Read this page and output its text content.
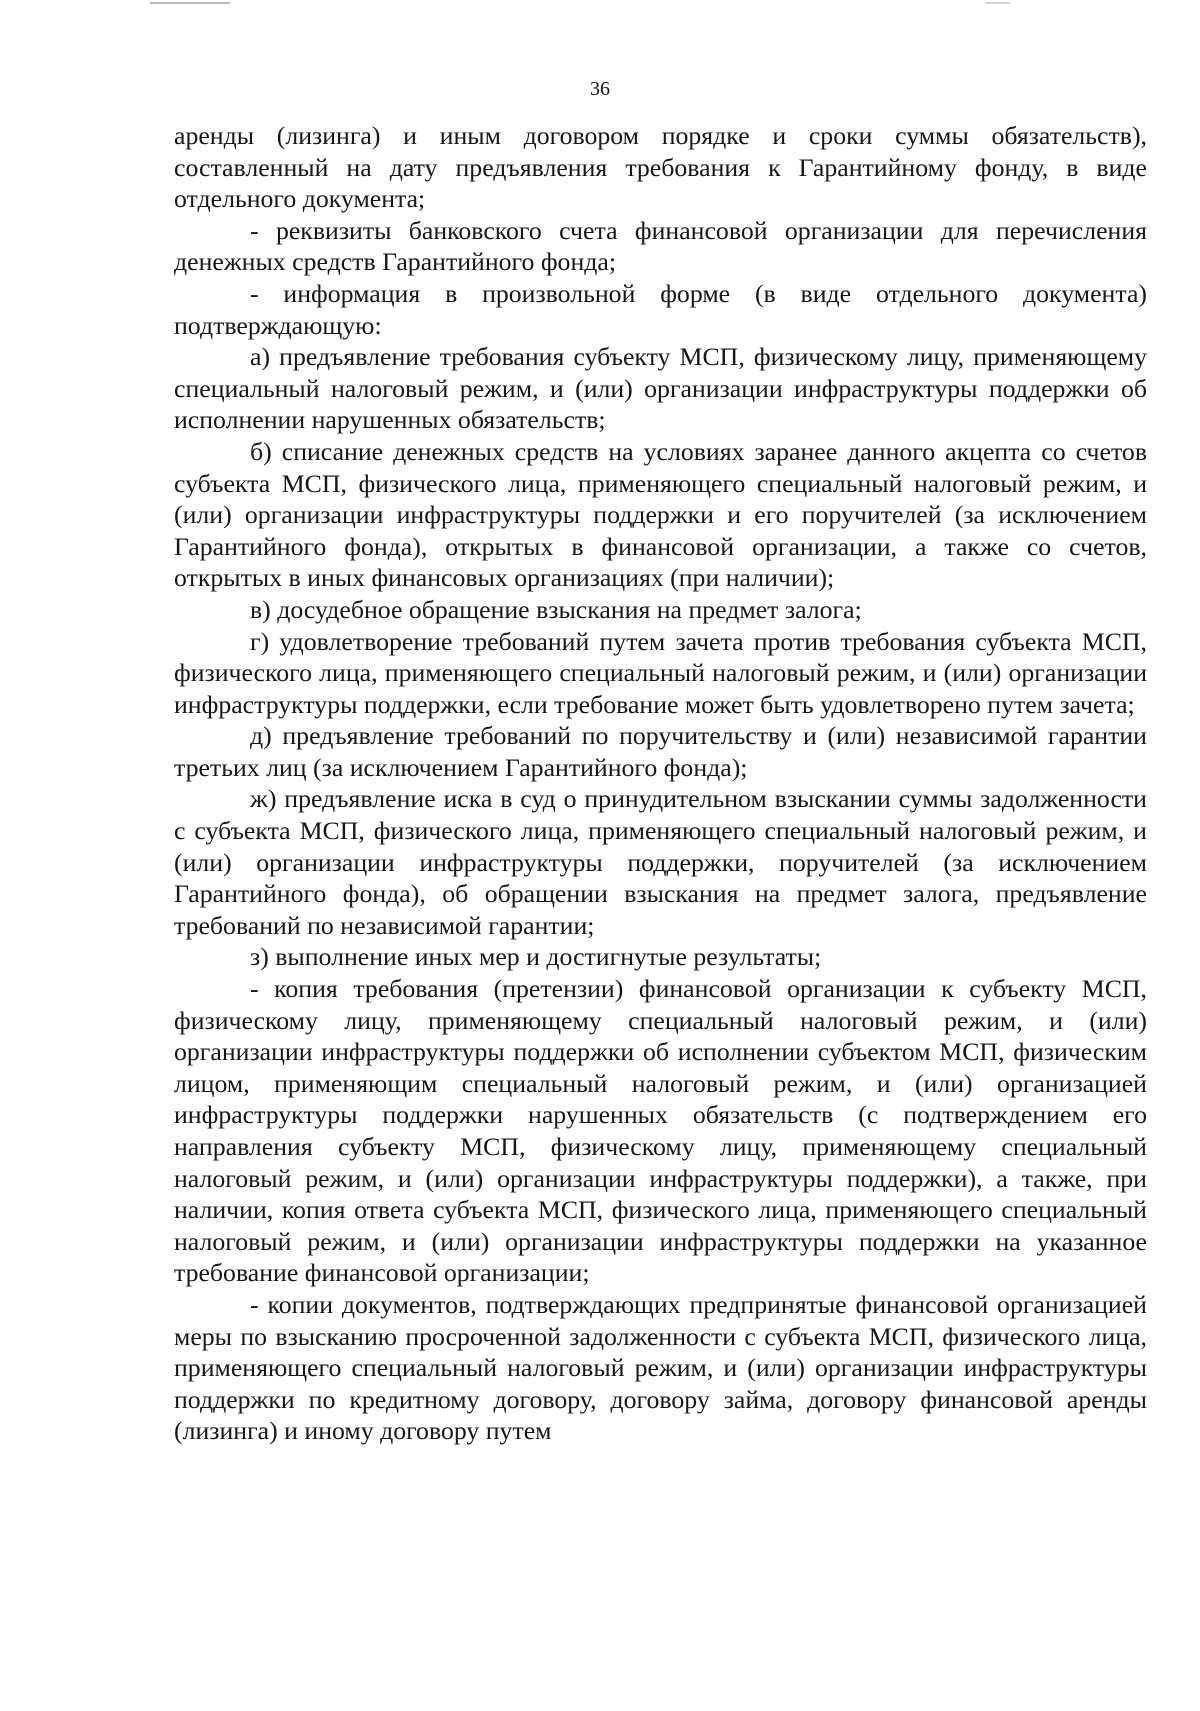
36

аренды (лизинга) и иным договором порядке и сроки суммы обязательств), составленный на дату предъявления требования к Гарантийному фонду, в виде отдельного документа;

- реквизиты банковского счета финансовой организации для перечисления денежных средств Гарантийного фонда;

- информация в произвольной форме (в виде отдельного документа) подтверждающую:

а) предъявление требования субъекту МСП, физическому лицу, применяющему специальный налоговый режим, и (или) организации инфраструктуры поддержки об исполнении нарушенных обязательств;

б) списание денежных средств на условиях заранее данного акцепта со счетов субъекта МСП, физического лица, применяющего специальный налоговый режим, и (или) организации инфраструктуры поддержки и его поручителей (за исключением Гарантийного фонда), открытых в финансовой организации, а также со счетов, открытых в иных финансовых организациях (при наличии);

в) досудебное обращение взыскания на предмет залога;

г) удовлетворение требований путем зачета против требования субъекта МСП, физического лица, применяющего специальный налоговый режим, и (или) организации инфраструктуры поддержки, если требование может быть удовлетворено путем зачета;

д) предъявление требований по поручительству и (или) независимой гарантии третьих лиц (за исключением Гарантийного фонда);

ж) предъявление иска в суд о принудительном взыскании суммы задолженности с субъекта МСП, физического лица, применяющего специальный налоговый режим, и (или) организации инфраструктуры поддержки, поручителей (за исключением Гарантийного фонда), об обращении взыскания на предмет залога, предъявление требований по независимой гарантии;

з) выполнение иных мер и достигнутые результаты;

- копия требования (претензии) финансовой организации к субъекту МСП, физическому лицу, применяющему специальный налоговый режим, и (или) организации инфраструктуры поддержки об исполнении субъектом МСП, физическим лицом, применяющим специальный налоговый режим, и (или) организацией инфраструктуры поддержки нарушенных обязательств (с подтверждением его направления субъекту МСП, физическому лицу, применяющему специальный налоговый режим, и (или) организации инфраструктуры поддержки), а также, при наличии, копия ответа субъекта МСП, физического лица, применяющего специальный налоговый режим, и (или) организации инфраструктуры поддержки на указанное требование финансовой организации;

- копии документов, подтверждающих предпринятые финансовой организацией меры по взысканию просроченной задолженности с субъекта МСП, физического лица, применяющего специальный налоговый режим, и (или) организации инфраструктуры поддержки по кредитному договору, договору займа, договору финансовой аренды (лизинга) и иному договору путем
